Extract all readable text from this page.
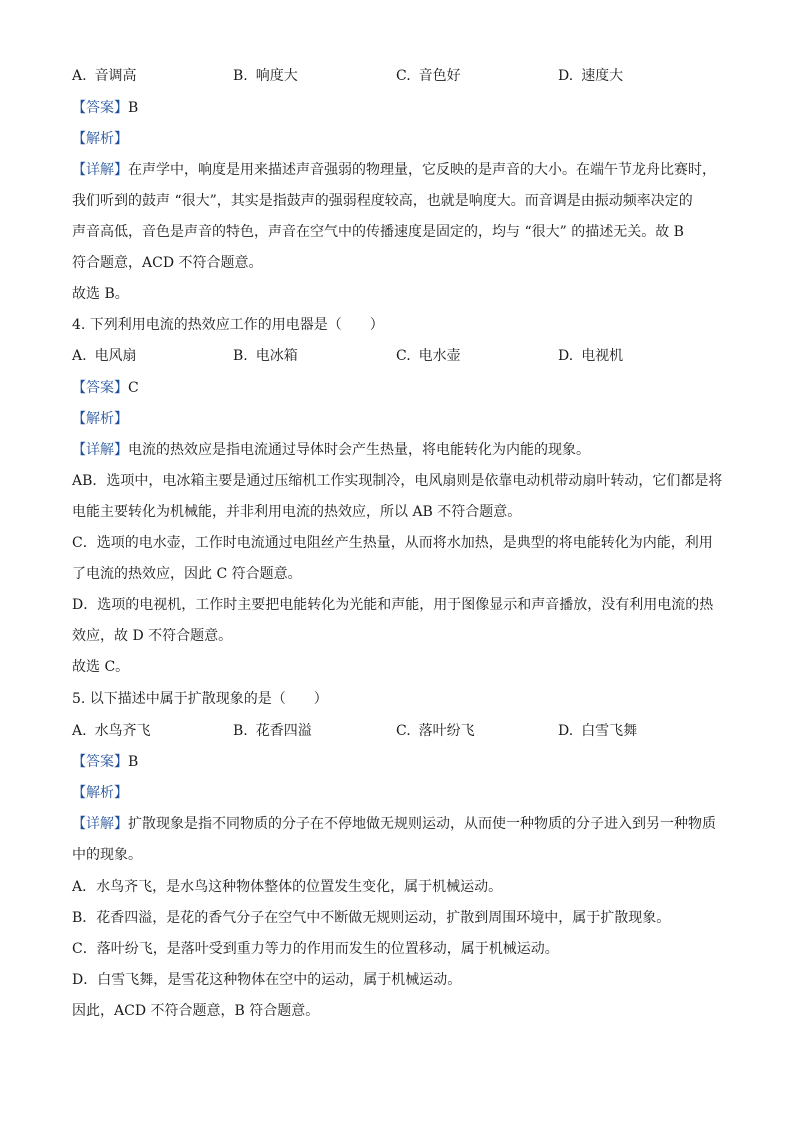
A. 音调高	B. 响度大	C. 音色好	D. 速度大
【答案】B
【解析】
【详解】在声学中，响度是用来描述声音强弱的物理量，它反映的是声音的大小。在端午节龙舟比赛时，
我们听到的鼓声 “很大”，其实是指鼓声的强弱程度较高，也就是响度大。而音调是由振动频率决定的
声音高低，音色是声音的特色，声音在空气中的传播速度是固定的，均与 “很大” 的描述无关。故 B
符合题意，ACD 不符合题意。
故选 B。
4. 下列利用电流的热效应工作的用电器是（　　）
A. 电风扇	B. 电冰箱	C. 电水壶	D. 电视机
【答案】C
【解析】
【详解】电流的热效应是指电流通过导体时会产生热量，将电能转化为内能的现象。
AB．选项中，电冰箱主要是通过压缩机工作实现制冷，电风扇则是依靠电动机带动扇叶转动，它们都是将
电能主要转化为机械能，并非利用电流的热效应，所以 AB 不符合题意。
C．选项的电水壶，工作时电流通过电阻丝产生热量，从而将水加热，是典型的将电能转化为内能，利用
了电流的热效应，因此 C 符合题意。
D．选项的电视机，工作时主要把电能转化为光能和声能，用于图像显示和声音播放，没有利用电流的热
效应，故 D 不符合题意。
故选 C。
5. 以下描述中属于扩散现象的是（　　）
A. 水鸟齐飞	B. 花香四溢	C. 落叶纷飞	D. 白雪飞舞
【答案】B
【解析】
【详解】扩散现象是指不同物质的分子在不停地做无规则运动，从而使一种物质的分子进入到另一种物质
中的现象。
A．水鸟齐飞，是水鸟这种物体整体的位置发生变化，属于机械运动。
B．花香四溢，是花的香气分子在空气中不断做无规则运动，扩散到周围环境中，属于扩散现象。
C．落叶纷飞，是落叶受到重力等力的作用而发生的位置移动，属于机械运动。
D．白雪飞舞，是雪花这种物体在空中的运动，属于机械运动。
因此，ACD 不符合题意，B 符合题意。
